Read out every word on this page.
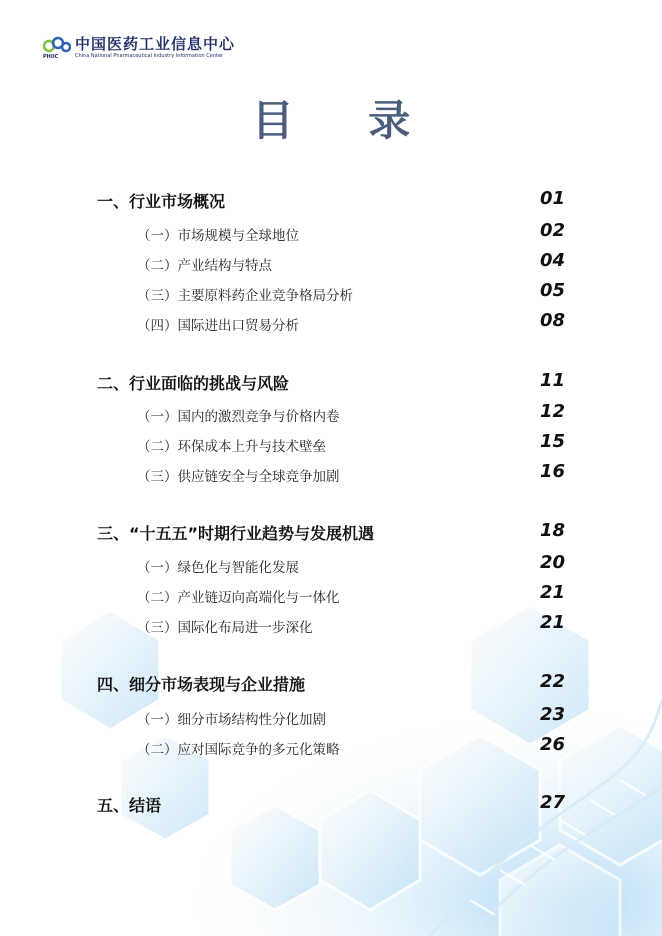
PHIIC
中国医药工业信息中心
China National Pharmaceutical Industry Information Center
目 录
一、行业市场概况	01
（一）市场规模与全球地位	02
（二）产业结构与特点	04
（三）主要原料药企业竞争格局分析	05
（四）国际进出口贸易分析	08
二、行业面临的挑战与风险	11
（一）国内的激烈竞争与价格内卷	12
（二）环保成本上升与技术壁垒	15
（三）供应链安全与全球竞争加剧	16
三、“十五五”时期行业趋势与发展机遇	18
（一）绿色化与智能化发展	20
（二）产业链迈向高端化与一体化	21
（三）国际化布局进一步深化	21
四、细分市场表现与企业措施	22
（一）细分市场结构性分化加剧	23
（二）应对国际竞争的多元化策略	26
五、结语	27
